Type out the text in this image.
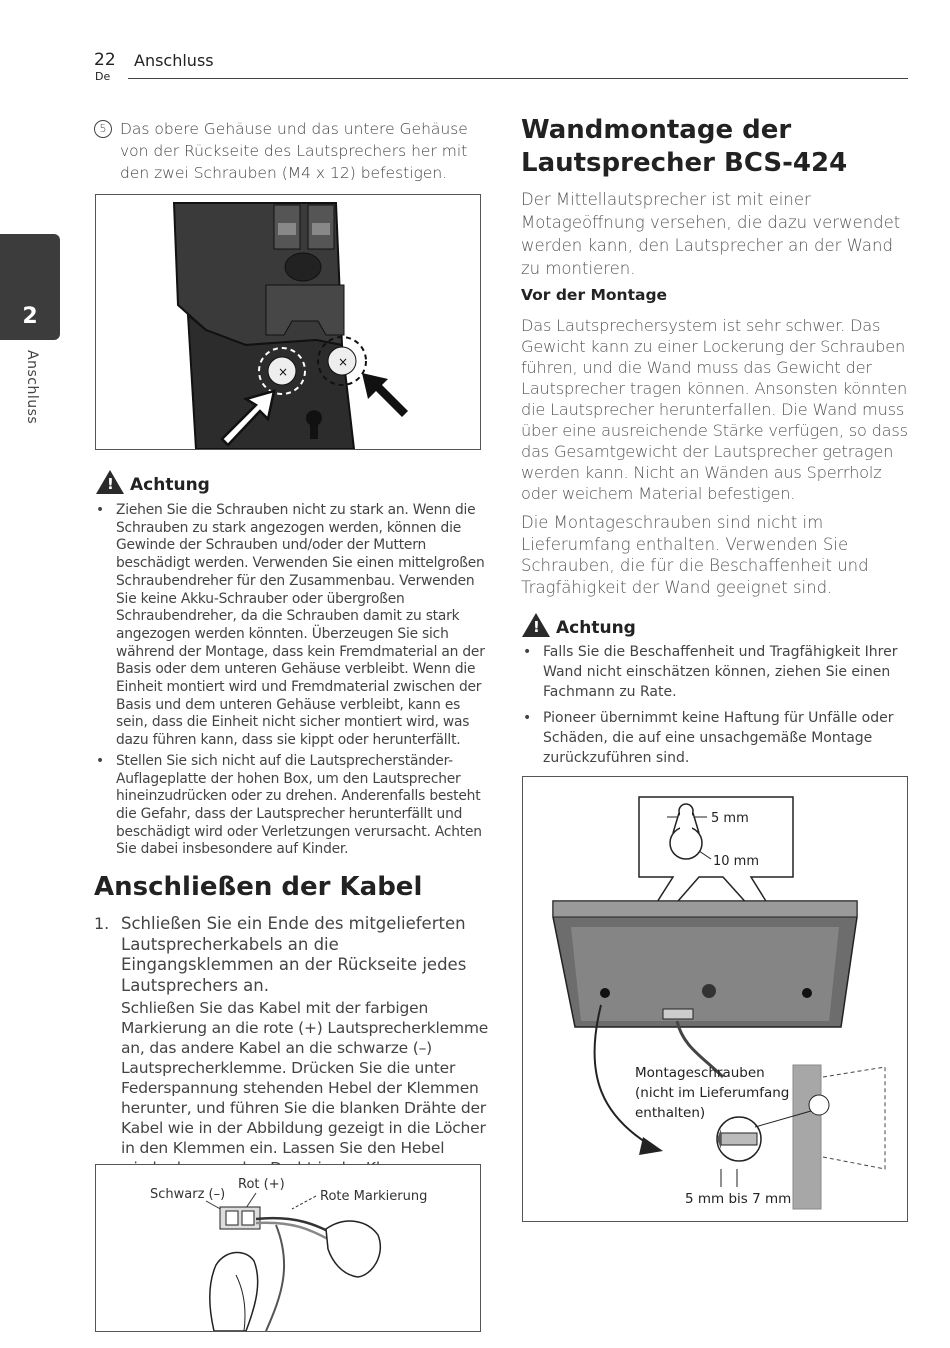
22
De
Anschluss
2
Anschluss
5 Das obere Gehäuse und das untere Gehäuse von der Rückseite des Lautsprechers her mit den zwei Schrauben (M4 x 12) befestigen.
×
×
!Achtung
• Ziehen Sie die Schrauben nicht zu stark an. Wenn die Schrauben zu stark angezogen werden, können die Gewinde der Schrauben und/oder der Muttern beschädigt werden. Verwenden Sie einen mittelgroßen Schraubendreher für den Zusammenbau. Verwenden Sie keine Akku-Schrauber oder übergroßen Schraubendreher, da die Schrauben damit zu stark angezogen werden könnten. Überzeugen Sie sich während der Montage, dass kein Fremdmaterial an der Basis oder dem unteren Gehäuse verbleibt. Wenn die Einheit montiert wird und Fremdmaterial zwischen der Basis und dem unteren Gehäuse verbleibt, kann es sein, dass die Einheit nicht sicher montiert wird, was dazu führen kann, dass sie kippt oder herunterfällt.
• Stellen Sie sich nicht auf die Lautsprecherständer-Auflageplatte der hohen Box, um den Lautsprecher hineinzudrücken oder zu drehen. Anderenfalls besteht die Gefahr, dass der Lautsprecher herunterfällt und beschädigt wird oder Verletzungen verursacht. Achten Sie dabei insbesondere auf Kinder.
Anschließen der Kabel
1. Schließen Sie ein Ende des mitgelieferten Lautsprecherkabels an die Eingangsklemmen an der Rückseite jedes Lautsprechers an.
Schließen Sie das Kabel mit der farbigen Markierung an die rote (+) Lautsprecherklemme an, das andere Kabel an die schwarze (–) Lautsprecherklemme. Drücken Sie die unter Federspannung stehenden Hebel der Klemmen herunter, und führen Sie die blanken Drähte der Kabel wie in der Abbildung gezeigt in die Löcher in den Klemmen ein. Lassen Sie den Hebel
Schwarz (–)
Rot (+)
Rote Markierung
Wandmontage der
Lautsprecher BCS-424
Der Mittellautsprecher ist mit einer Motageöffnung versehen, die dazu verwendet werden kann, den Lautsprecher an der Wand zu montieren.
Vor der Montage
Das Lautsprechersystem ist sehr schwer. Das Gewicht kann zu einer Lockerung der Schrauben führen, und die Wand muss das Gewicht der Lautsprecher tragen können. Ansonsten könnten die Lautsprecher herunterfallen. Die Wand muss über eine ausreichende Stärke verfügen, so dass das Gesamtgewicht der Lautsprecher getragen werden kann. Nicht an Wänden aus Sperrholz oder weichem Material befestigen.
Die Montageschrauben sind nicht im Lieferumfang enthalten. Verwenden Sie Schrauben, die für die Beschaffenheit und Tragfähigkeit der Wand geeignet sind.
!Achtung
• Falls Sie die Beschaffenheit und Tragfähigkeit Ihrer Wand nicht einschätzen können, ziehen Sie einen Fachmann zu Rate.
• Pioneer übernimmt keine Haftung für Unfälle oder Schäden, die auf eine unsachgemäße Montage zurückzuführen sind.
5 mm
10 mm
Montageschrauben
(nicht im Lieferumfang
enthalten)
5 mm bis 7 mm
